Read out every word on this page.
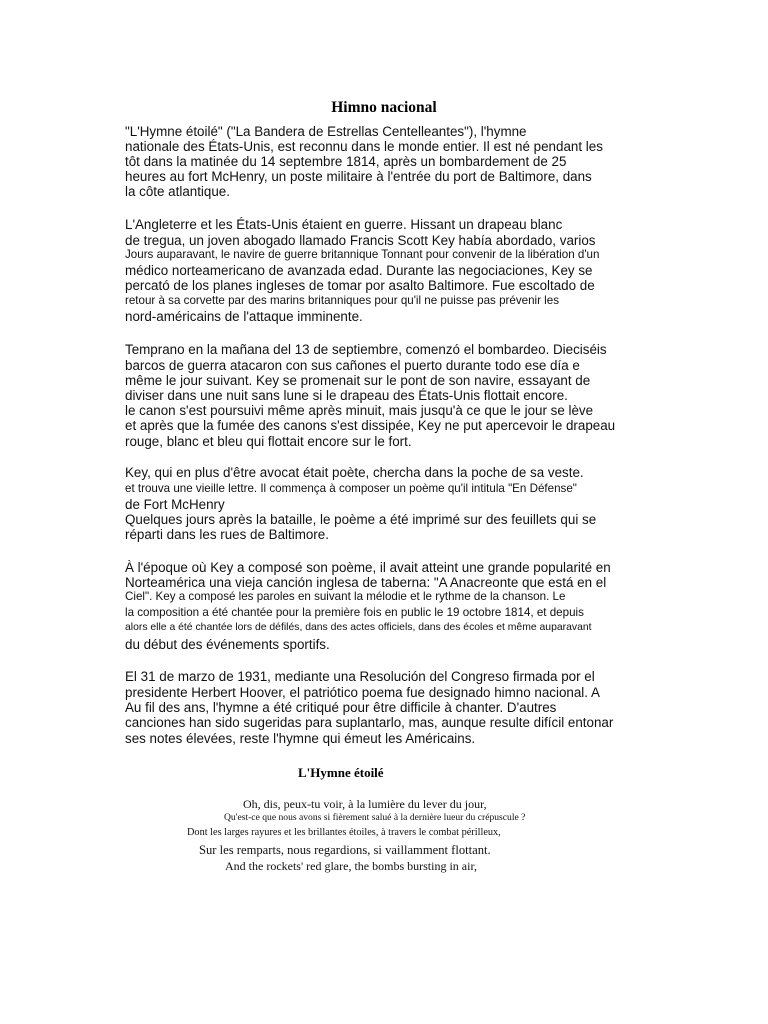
Himno nacional
"L'Hymne étoilé" ("La Bandera de Estrellas Centelleantes"), l'hymne
nationale des États-Unis, est reconnu dans le monde entier. Il est né pendant les
tôt dans la matinée du 14 septembre 1814, après un bombardement de 25
heures au fort McHenry, un poste militaire à l'entrée du port de Baltimore, dans
la côte atlantique.
L'Angleterre et les États-Unis étaient en guerre. Hissant un drapeau blanc
de tregua, un joven abogado llamado Francis Scott Key había abordado, varios
Jours auparavant, le navire de guerre britannique Tonnant pour convenir de la libération d'un
médico norteamericano de avanzada edad. Durante las negociaciones, Key se
percató de los planes ingleses de tomar por asalto Baltimore. Fue escoltado de
retour à sa corvette par des marins britanniques pour qu'il ne puisse pas prévenir les
nord-américains de l'attaque imminente.
Temprano en la mañana del 13 de septiembre, comenzó el bombardeo. Dieciséis
barcos de guerra atacaron con sus cañones el puerto durante todo ese día e
même le jour suivant. Key se promenait sur le pont de son navire, essayant de
diviser dans une nuit sans lune si le drapeau des États-Unis flottait encore.
le canon s'est poursuivi même après minuit, mais jusqu'à ce que le jour se lève
et après que la fumée des canons s'est dissipée, Key ne put apercevoir le drapeau
rouge, blanc et bleu qui flottait encore sur le fort.
Key, qui en plus d'être avocat était poète, chercha dans la poche de sa veste.
et trouva une vieille lettre. Il commença à composer un poème qu'il intitula "En Défense"
de Fort McHenry
Quelques jours après la bataille, le poème a été imprimé sur des feuillets qui se
réparti dans les rues de Baltimore.
À l'époque où Key a composé son poème, il avait atteint une grande popularité en
Norteamérica una vieja canción inglesa de taberna: "A Anacreonte que está en el
Ciel". Key a composé les paroles en suivant la mélodie et le rythme de la chanson. Le
la composition a été chantée pour la première fois en public le 19 octobre 1814, et depuis
alors elle a été chantée lors de défilés, dans des actes officiels, dans des écoles et même auparavant
du début des événements sportifs.
El 31 de marzo de 1931, mediante una Resolución del Congreso firmada por el
presidente Herbert Hoover, el patriótico poema fue designado himno nacional. A
Au fil des ans, l'hymne a été critiqué pour être difficile à chanter. D'autres
canciones han sido sugeridas para suplantarlo, mas, aunque resulte difícil entonar
ses notes élevées, reste l'hymne qui émeut les Américains.
L'Hymne étoilé
Oh, dis, peux-tu voir, à la lumière du lever du jour,
Qu'est-ce que nous avons si fièrement salué à la dernière lueur du crépuscule ?
Dont les larges rayures et les brillantes étoiles, à travers le combat périlleux,
Sur les remparts, nous regardions, si vaillamment flottant.
And the rockets' red glare, the bombs bursting in air,
